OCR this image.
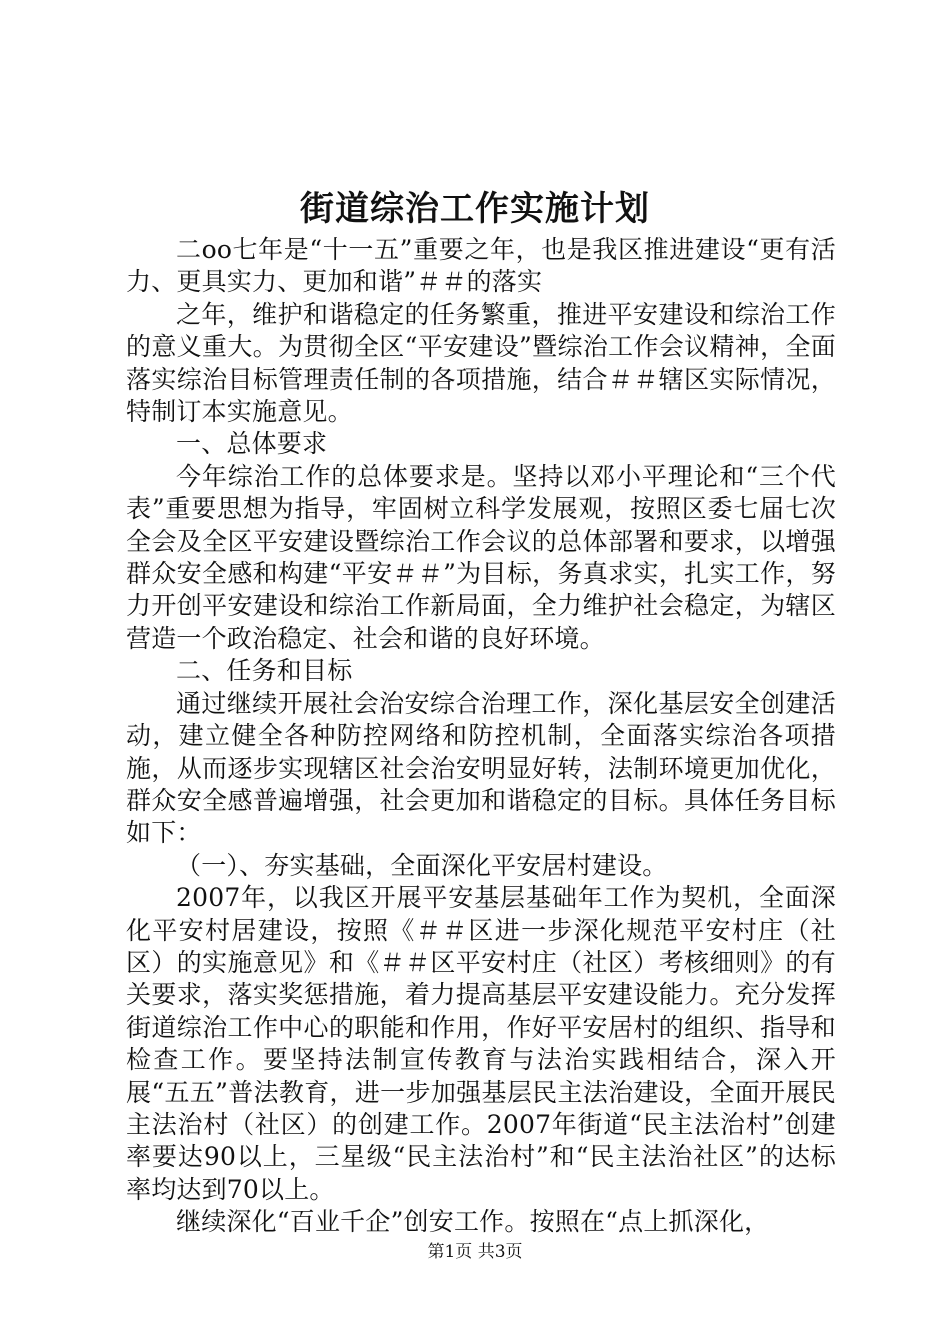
街道综治工作实施计划

二oo七年是“十一五”重要之年，也是我区推进建设“更有活力、更具实力、更加和谐”＃＃的落实

之年，维护和谐稳定的任务繁重，推进平安建设和综治工作的意义重大。为贯彻全区“平安建设”暨综治工作会议精神，全面落实综治目标管理责任制的各项措施，结合＃＃辖区实际情况，特制订本实施意见。

一、总体要求

今年综治工作的总体要求是。坚持以邓小平理论和“三个代表”重要思想为指导，牢固树立科学发展观，按照区委七届七次全会及全区平安建设暨综治工作会议的总体部署和要求，以增强群众安全感和构建“平安＃＃”为目标，务真求实，扎实工作，努力开创平安建设和综治工作新局面，全力维护社会稳定，为辖区营造一个政治稳定、社会和谐的良好环境。

二、任务和目标

通过继续开展社会治安综合治理工作，深化基层安全创建活动，建立健全各种防控网络和防控机制，全面落实综治各项措施，从而逐步实现辖区社会治安明显好转，法制环境更加优化，群众安全感普遍增强，社会更加和谐稳定的目标。具体任务目标如下：

（一）、夯实基础，全面深化平安居村建设。

2007年，以我区开展平安基层基础年工作为契机，全面深化平安村居建设，按照《＃＃区进一步深化规范平安村庄（社区）的实施意见》和《＃＃区平安村庄（社区）考核细则》的有关要求，落实奖惩措施，着力提高基层平安建设能力。充分发挥街道综治工作中心的职能和作用，作好平安居村的组织、指导和检查工作。要坚持法制宣传教育与法治实践相结合，深入开展“五五”普法教育，进一步加强基层民主法治建设，全面开展民主法治村（社区）的创建工作。2007年街道“民主法治村”创建率要达90以上，三星级“民主法治村”和“民主法治社区”的达标率均达到70以上。

继续深化“百业千企”创安工作。按照在“点上抓深化，

第1页 共3页
